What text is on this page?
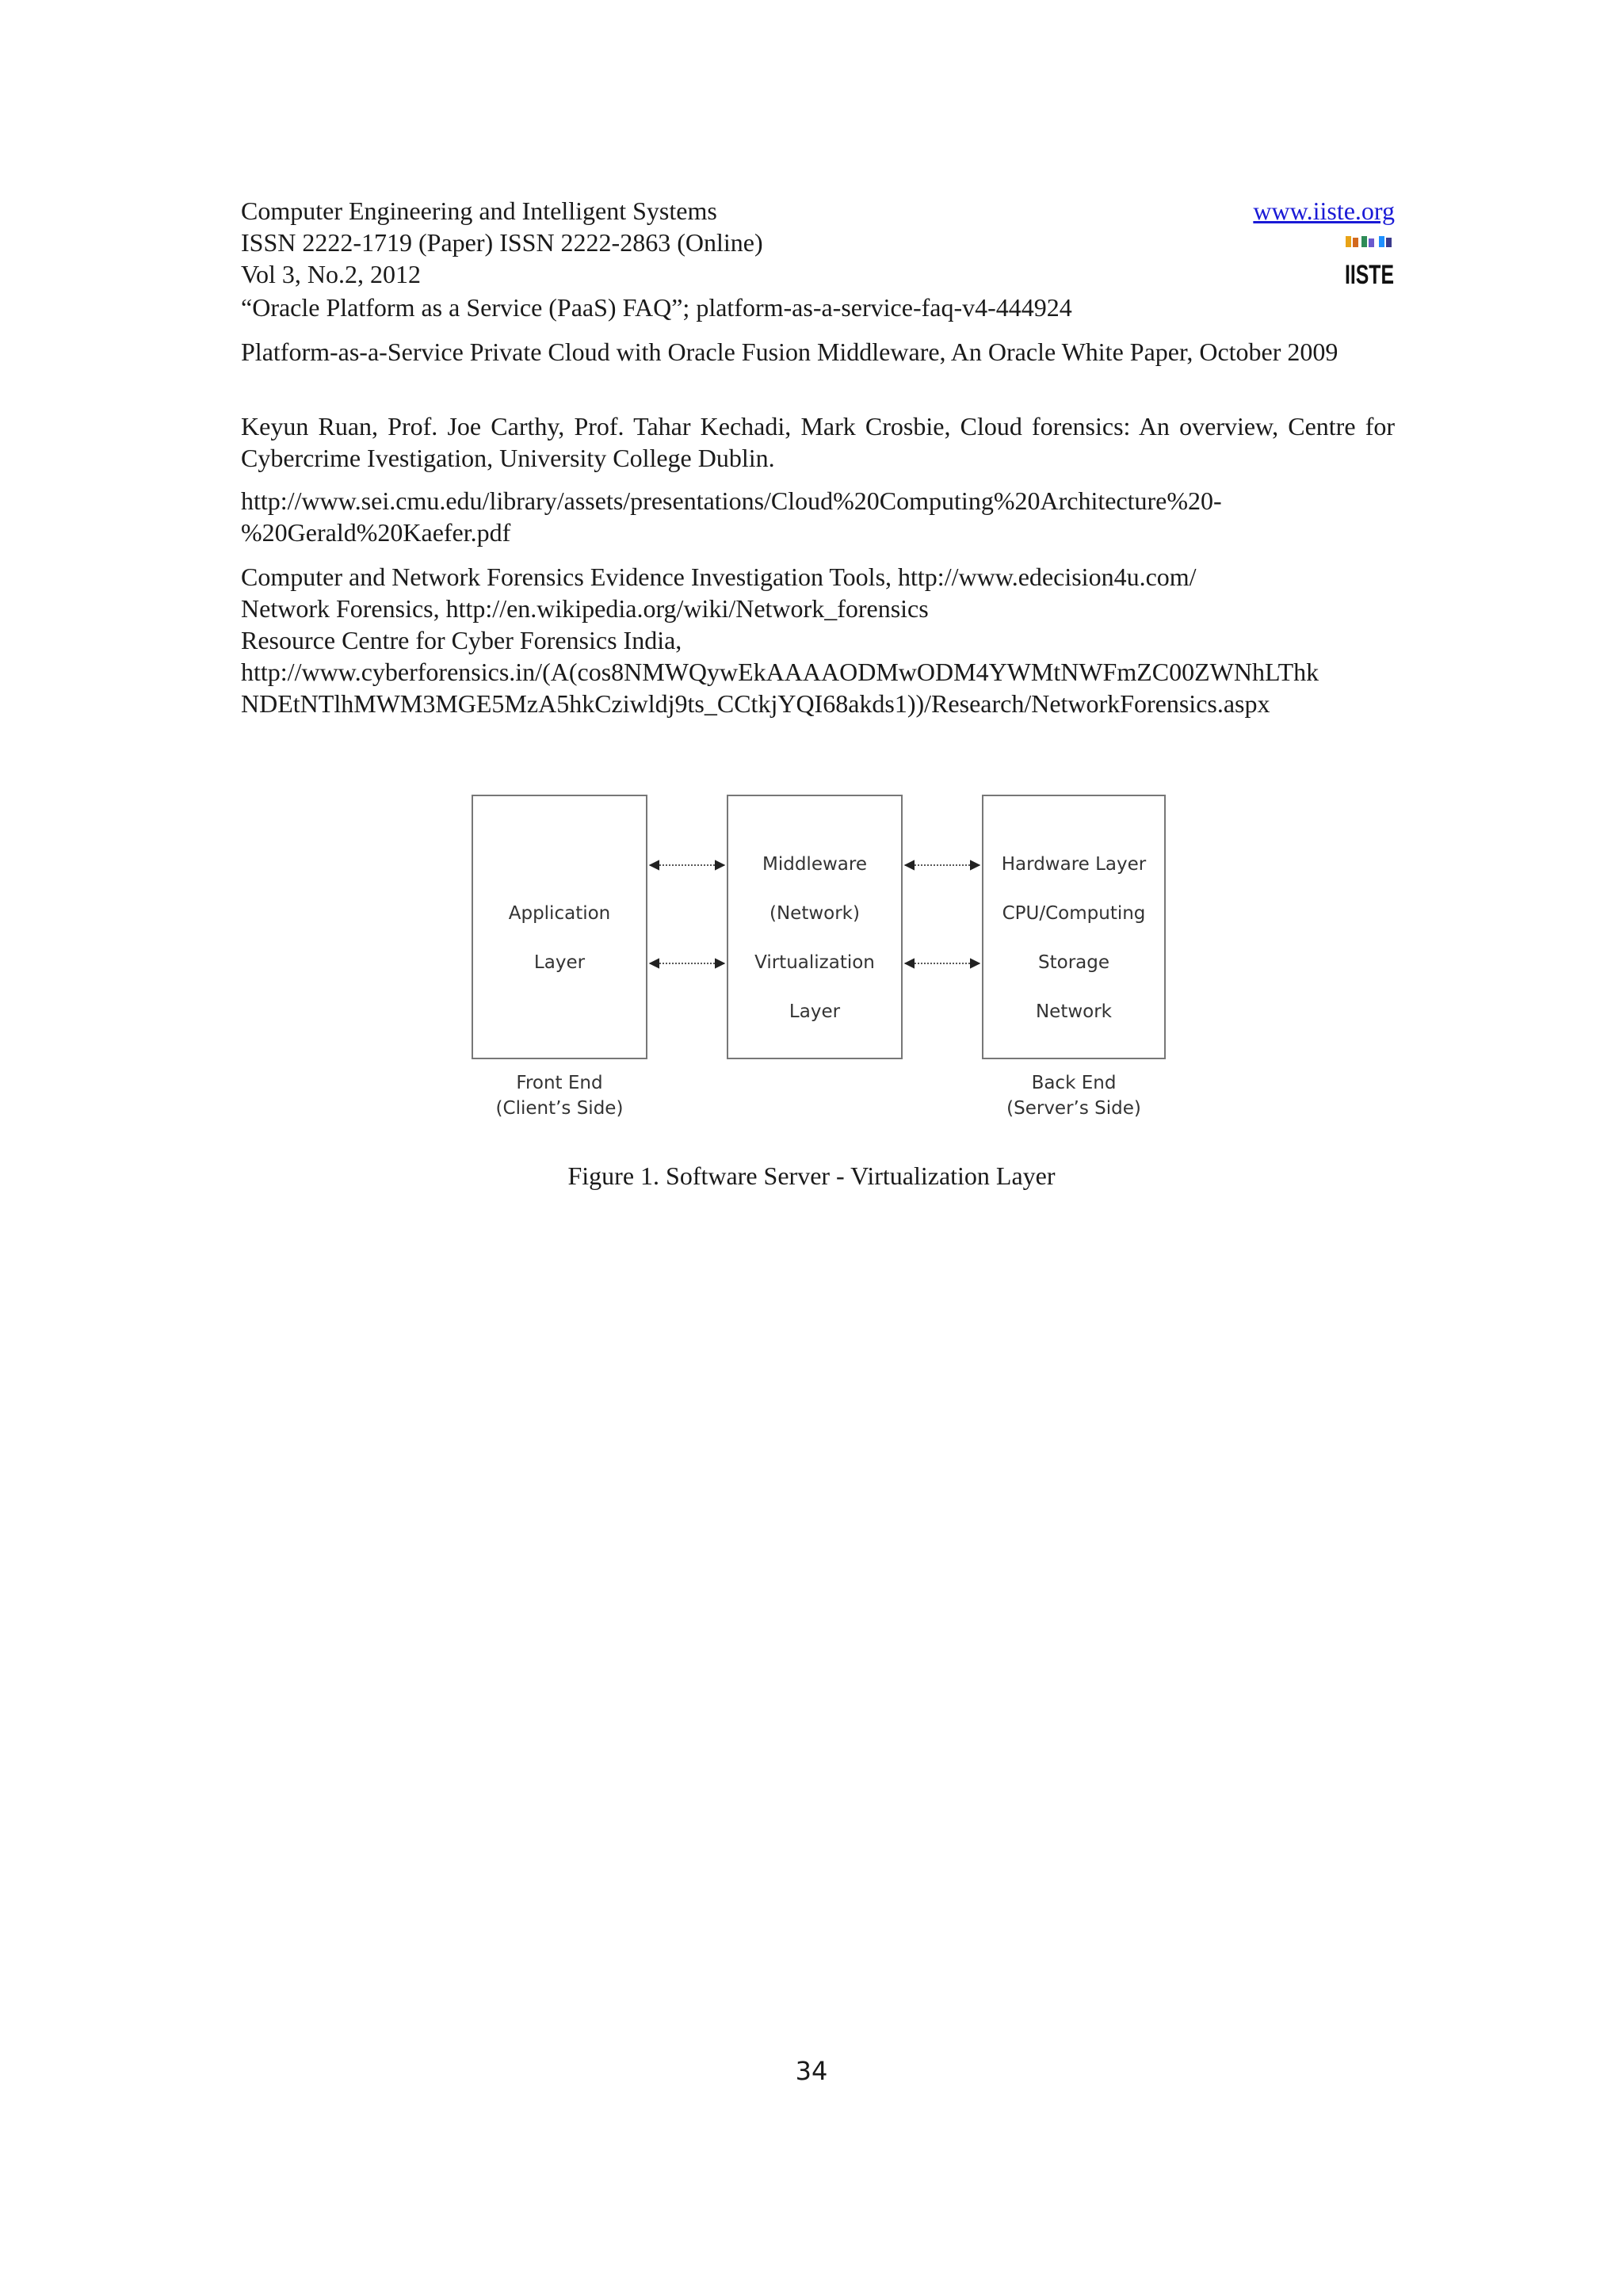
Computer Engineering and Intelligent Systems
ISSN 2222-1719 (Paper) ISSN 2222-2863 (Online)
Vol 3, No.2, 2012
www.iiste.org
IISTE
“Oracle Platform as a Service (PaaS) FAQ”; platform-as-a-service-faq-v4-444924
Platform-as-a-Service Private Cloud with Oracle Fusion Middleware, An Oracle White Paper, October 2009
Keyun Ruan, Prof. Joe Carthy, Prof. Tahar Kechadi, Mark Crosbie, Cloud forensics: An overview, Centre for Cybercrime Ivestigation, University College Dublin.
http://www.sei.cmu.edu/library/assets/presentations/Cloud%20Computing%20Architecture%20-
%20Gerald%20Kaefer.pdf
Computer and Network Forensics Evidence Investigation Tools, http://www.edecision4u.com/
Network Forensics, http://en.wikipedia.org/wiki/Network_forensics
Resource Centre for Cyber Forensics India,
http://www.cyberforensics.in/(A(cos8NMWQywEkAAAAODMwODM4YWMtNWFmZC00ZWNhLThk
NDEtNTlhMWM3MGE5MzA5hkCziwldj9ts_CCtkjYQI68akds1))/Research/NetworkForensics.aspx
Application
Layer
Middleware
(Network)
Virtualization
Layer
Hardware Layer
CPU/Computing
Storage
Network
Front End
(Client’s Side)
Back End
(Server’s Side)
Figure 1. Software Server - Virtualization Layer
34
